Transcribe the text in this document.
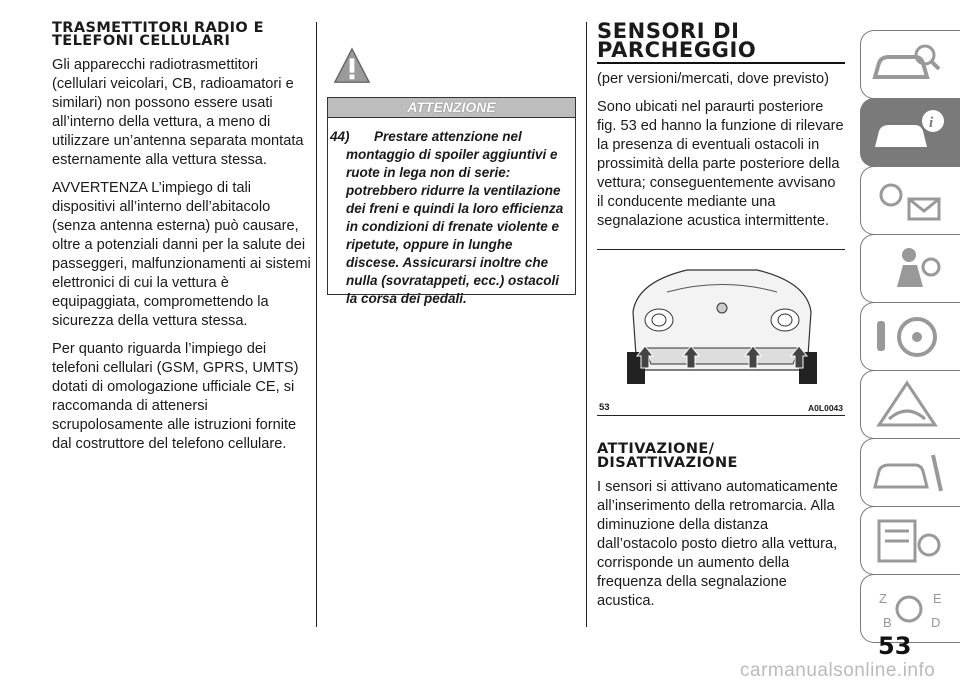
TRASMETTITORI RADIO E TELEFONI CELLULARI

Gli apparecchi radiotrasmettitori (cellulari veicolari, CB, radioamatori e similari) non possono essere usati all’interno della vettura, a meno di utilizzare un’antenna separata montata esternamente alla vettura stessa.

AVVERTENZA L’impiego di tali dispositivi all’interno dell’abitacolo (senza antenna esterna) può causare, oltre a potenziali danni per la salute dei passeggeri, malfunzionamenti ai sistemi elettronici di cui la vettura è equipaggiata, compromettendo la sicurezza della vettura stessa.

Per quanto riguarda l’impiego dei telefoni cellulari (GSM, GPRS, UMTS) dotati di omologazione ufficiale CE, si raccomanda di attenersi scrupolosamente alle istruzioni fornite dal costruttore del telefono cellulare.

ATTENZIONE
44)	Prestare attenzione nel montaggio di spoiler aggiuntivi e ruote in lega non di serie: potrebbero ridurre la ventilazione dei freni e quindi la loro efficienza in condizioni di frenate violente e ripetute, oppure in lunghe discese. Assicurarsi inoltre che nulla (sovratappeti, ecc.) ostacoli la corsa dei pedali.
SENSORI DI PARCHEGGIO

(per versioni/mercati, dove previsto)

Sono ubicati nel paraurti posteriore fig. 53 ed hanno la funzione di rilevare la presenza di eventuali ostacoli in prossimità della parte posteriore della vettura; conseguentemente avvisano il conducente mediante una segnalazione acustica intermittente.

53	A0L0043
ATTIVAZIONE/ DISATTIVAZIONE

I sensori si attivano automaticamente all’inserimento della retromarcia. Alla diminuzione della distanza dall’ostacolo posto dietro alla vettura, corrisponde un aumento della frequenza della segnalazione acustica.

i
Z	E
B	D
53
carmanualsonline.info
